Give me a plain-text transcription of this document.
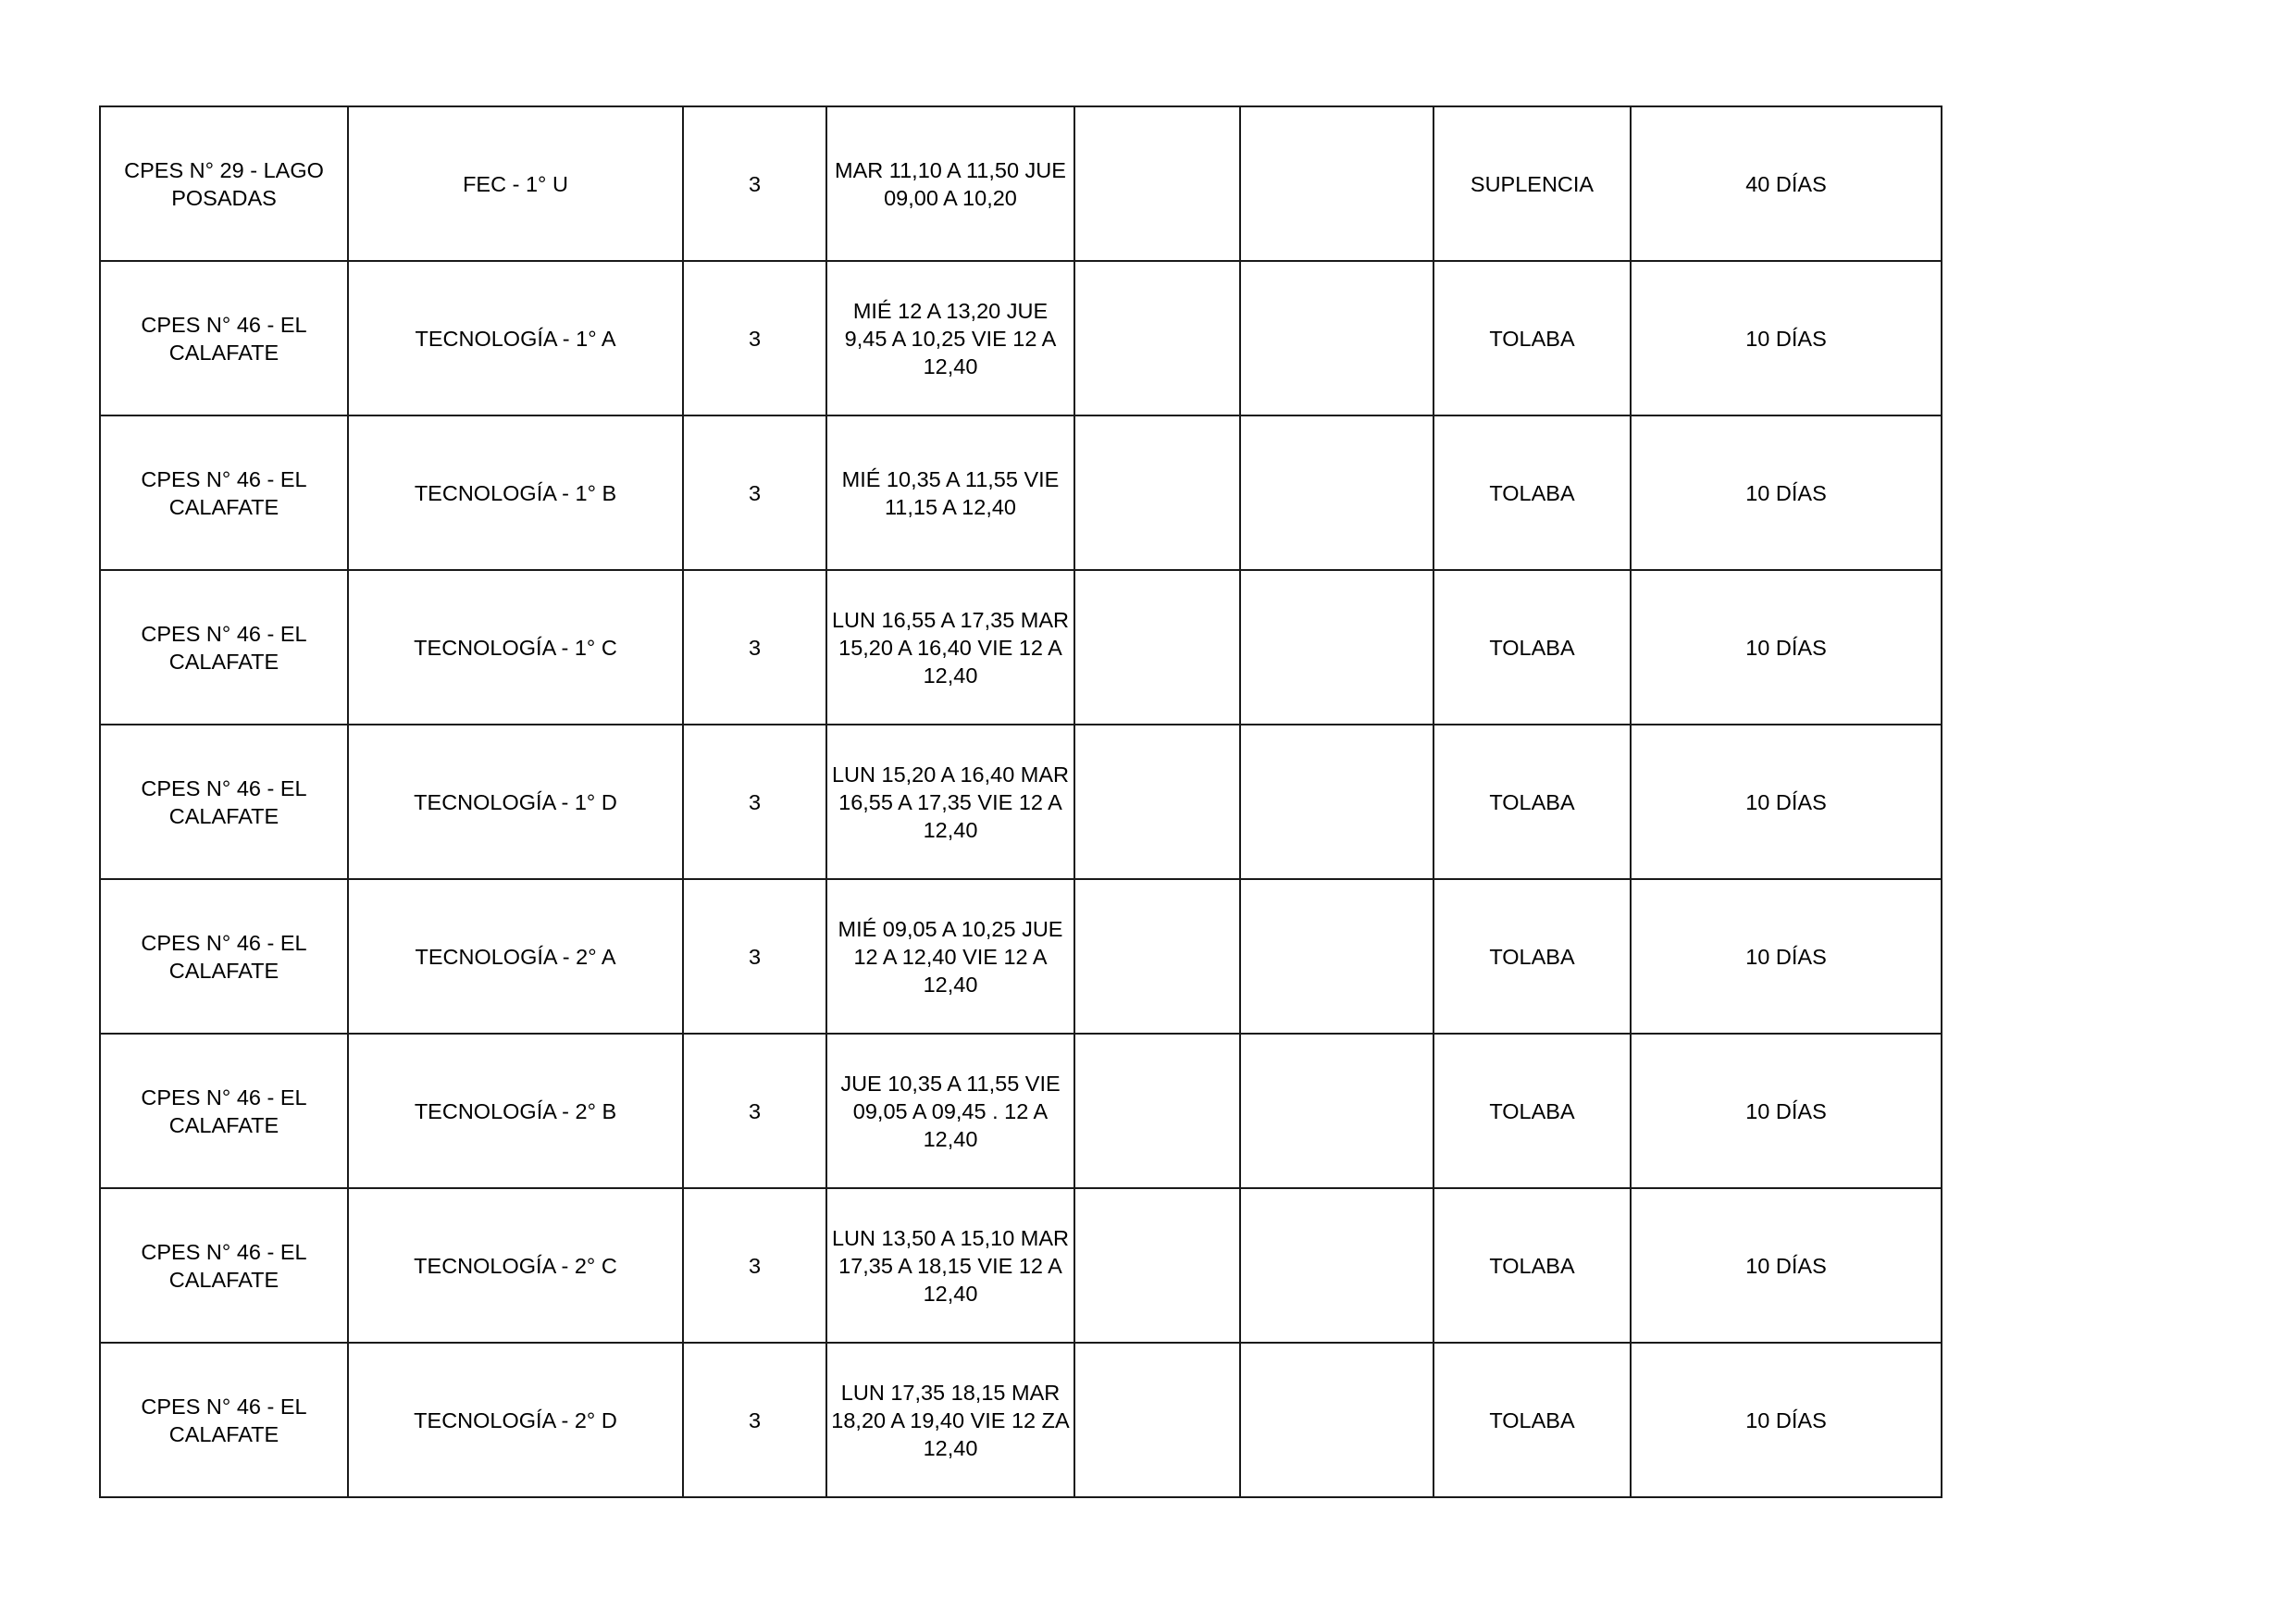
CPES N° 29 - LAGO POSADAS	FEC - 1° U	3	MAR 11,10 A 11,50 JUE 09,00 A 10,20			SUPLENCIA	40 DÍAS
CPES N° 46 - EL CALAFATE	TECNOLOGÍA - 1° A	3	MIÉ 12 A 13,20 JUE 9,45 A 10,25 VIE 12 A 12,40			TOLABA	10 DÍAS
CPES N° 46 - EL CALAFATE	TECNOLOGÍA - 1° B	3	MIÉ 10,35 A 11,55 VIE 11,15 A 12,40			TOLABA	10 DÍAS
CPES N° 46 - EL CALAFATE	TECNOLOGÍA - 1° C	3	LUN 16,55 A 17,35 MAR 15,20 A 16,40 VIE 12 A 12,40			TOLABA	10 DÍAS
CPES N° 46 - EL CALAFATE	TECNOLOGÍA - 1° D	3	LUN 15,20 A 16,40 MAR 16,55 A 17,35 VIE 12 A 12,40			TOLABA	10 DÍAS
CPES N° 46 - EL CALAFATE	TECNOLOGÍA - 2° A	3	MIÉ 09,05 A 10,25 JUE 12 A 12,40 VIE 12 A 12,40			TOLABA	10 DÍAS
CPES N° 46 - EL CALAFATE	TECNOLOGÍA - 2° B	3	JUE 10,35 A 11,55 VIE 09,05 A 09,45 . 12 A 12,40			TOLABA	10 DÍAS
CPES N° 46 - EL CALAFATE	TECNOLOGÍA - 2° C	3	LUN 13,50 A 15,10 MAR 17,35 A 18,15 VIE 12 A 12,40			TOLABA	10 DÍAS
CPES N° 46 - EL CALAFATE	TECNOLOGÍA - 2° D	3	LUN 17,35 18,15 MAR 18,20 A 19,40 VIE 12 ZA 12,40			TOLABA	10 DÍAS
